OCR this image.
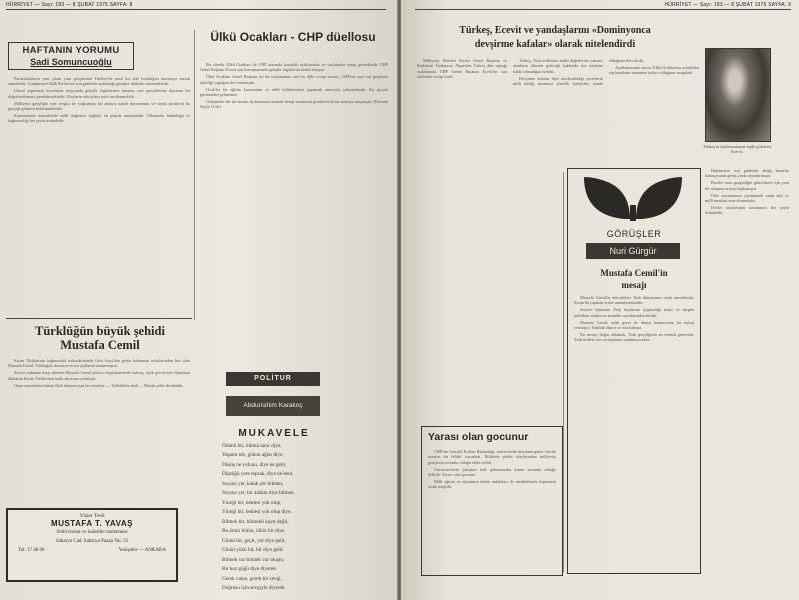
HÜRRİYET — Sayı: 183 — 8 ŞUBAT 1976 SAYFA: 8
HAFTANIN YORUMU
Sadi Somuncuoğlu

Partizanlıkların yeni çıkan yasa girişiminin Türkiye'de nasıl bir etki bıraktığını kamuoyu merak etmektedir. Cumhuriyet Halk Partisi'nin son günlerde açıkladığı görüşler dikkatle izlenmektedir.

Ulusal yapımızın bozulması karşısında gençlik örgütlerinin tutumu, yurt gerçeklerine dayanan bir değerlendirmeyi gerektirmektedir. Olayların arka planı iyice incelenmelidir.

Milliyetçi gençliğin yurt sevgisi ile yoğrulmuş bir anlayış içinde davranması ve siyasi partilerin bu gerçeği görmesi beklenmektedir.

Komünizmle mücadelede millî değerlere bağlılık ön planda tutulmalıdır. Ülkemizin bütünlüğü ve bağımsızlığı her şeyin üstündedir.

Ülkü Ocakları - CHP düellosu

Bir süredir Ülkü Ocakları ile CHP arasında karşılıklı açıklamalar ve suçlamalar sürüp gitmektedir. CHP Genel Başkanı Ecevit son konuşmasında gençlik örgütlerini hedef almıştır.

Ülkü Ocakları Genel Başkanı ise bu suçlamalara sert bir dille cevap vermiş, CHP'nin aşırı sol gruplarla işbirliği yaptığını ileri sürmüştür.

Ocak'lar bir eğitim kurumudur ve milli kültürümüzü yaşatmak amacıyla çalışmaktadır. Bu gerçek görmezden gelinemez.

Gelişmeler her iki tarafın da kamuoyu önünde hesap vermesini gerektirecek bir noktaya ulaşmıştır. (Devamı Sayfa 11'de)

Türklüğün büyük şehidi
Mustafa Cemil

Kırım Türklerinin bağımsızlık mücadelesinde Orta Asya'dan gelen kahraman evlatlarından biri olan Mustafa Cemil, Türklüğün davasını en zor şartlarda savunmuştur.

Sovyet zulmüne karşı direnen Mustafa Cemil yıllarca hapishanelerde kalmış, açlık grevleriyle dünyanın dikkatini Kırım Türklerinin haklı davasına çekmiştir.

Onun mücadelesi bütün Türk dünyası için bir örnektir. — Türklük'ün dedi — Büyük şehit denilebilir.

Yüzer Tesli
MUSTAFA T. YAVAŞ
Sıhhî tesisat ve kalorifer malzemesi
Sakarya Cad. Sakarya Pasajı No: 35
Tel: 17 48 06	Yenişehir — ANKARA
POLİTUR
Abdurrahim Karakoç
MUKAVELE
Ölümü bir, ölümü tanır diye,
Yaşamı tek, güleni ağlar diye.
Düşüş ne yolunu, diye ne gelir,
Düştüğü yere toprak, diye ne beni.
Suçsuz yer, kalak yer bilinen,
Suçsuz yer, bir adakta diye bilinen.
Yüreği bir, beklesi yok olup,
Yüreği bir, beklesi yok olup diye.
Bilmek bir, bilmekli kayıt değil,
Bu ömür bütün, ölüm bir diye.
Gönül bir, geçit, yol diye gelir,
Gönül yükü bir, bir diye gelir.
Bilmek var bilmek var oluştu,
Bir kez göğü diye diyerek.
Gerek vatan, gerek bir sevgi,
Doğrusu için sevgiyle diyerek.
HÜRRİYET — Sayı: 183 — 8 ŞUBAT 1976 SAYFA: 9
Türkeş, Ecevit ve yandaşlarını «Dominyonca
devşirme kafalar» olarak nitelendirdi

Milliyetçi Hareket Partisi Genel Başkanı ve Başbakan Yardımcısı Alparslan Türkeş dün yaptığı açıklamada CHP Genel Başkanı Ecevit'in son sözlerine cevap verdi.

Türkeş, Türk milletinin tarihî değerlerine yabancı olanların ülkenin geleceği hakkında söz söyleme hakkı olmadığını belirtti.

Devşirme kafalar diye nitelendirdiği çevrelerin milli birliği bozmaya yönelik faaliyetler içinde olduğunu ileri sürdü.

Açıklamasında ayrıca Ülkü Ocakları'na yöneltilen suçlamaların tamamen asılsız olduğunu vurguladı.

Türkeş'in açıklamalarına tepki gösteren Ecevit.
Yarası olan gocunur

CHP'nin Gençlik Kolları Başkanlığı, üniversitede meydana gelen olaylar üzerine bir bildiri yayınladı. Bildiride şiddet olaylarından milliyetçi gençlerin sorumlu olduğu iddia edildi.

Üniversitelerin çalışmaz hale gelmesinden kimin sorumlu olduğu bellidir. Yarası olan gocunur.

Millî eğitim ve öğretimin bütün imkânları ile sürdürülmesi hepimizin ortak isteğidir.

GÖRÜŞLER
Nuri Gürgür
Mustafa Cemil'in
mesajı

Mustafa Cemil'in mücadelesi Türk dünyasının ortak meselesidir. Kırım'da yaşanan acılar unutulmamalıdır.

Sovyet rejiminin Türk boylarına uyguladığı baskı ve sürgün politikası tarihin en karanlık sayfalarından biridir.

Mustafa Cemil, açlık grevi ile dünya kamuoyuna bir mesaj vermiştir: Türklük ölmez ve esir kalmaz.

Bu mesajı doğru anlamak, Türk gençliğinin en önemli görevidir. Türk milleti esir soydaşlarını unutmayacaktır.

Hükümetin son günlerde aldığı kararlar kamuoyunda geniş yankı uyandırmıştır.

Partiler arası gerginliğin giderilmesi için yeni bir uzlaşma arayışı başlamıştır.

Ülke sorunlarının çözümünde ortak akıl ve millî menfaat esas alınmalıdır.

Devlet otoritesinin korunması her şeyin üstündedir.
